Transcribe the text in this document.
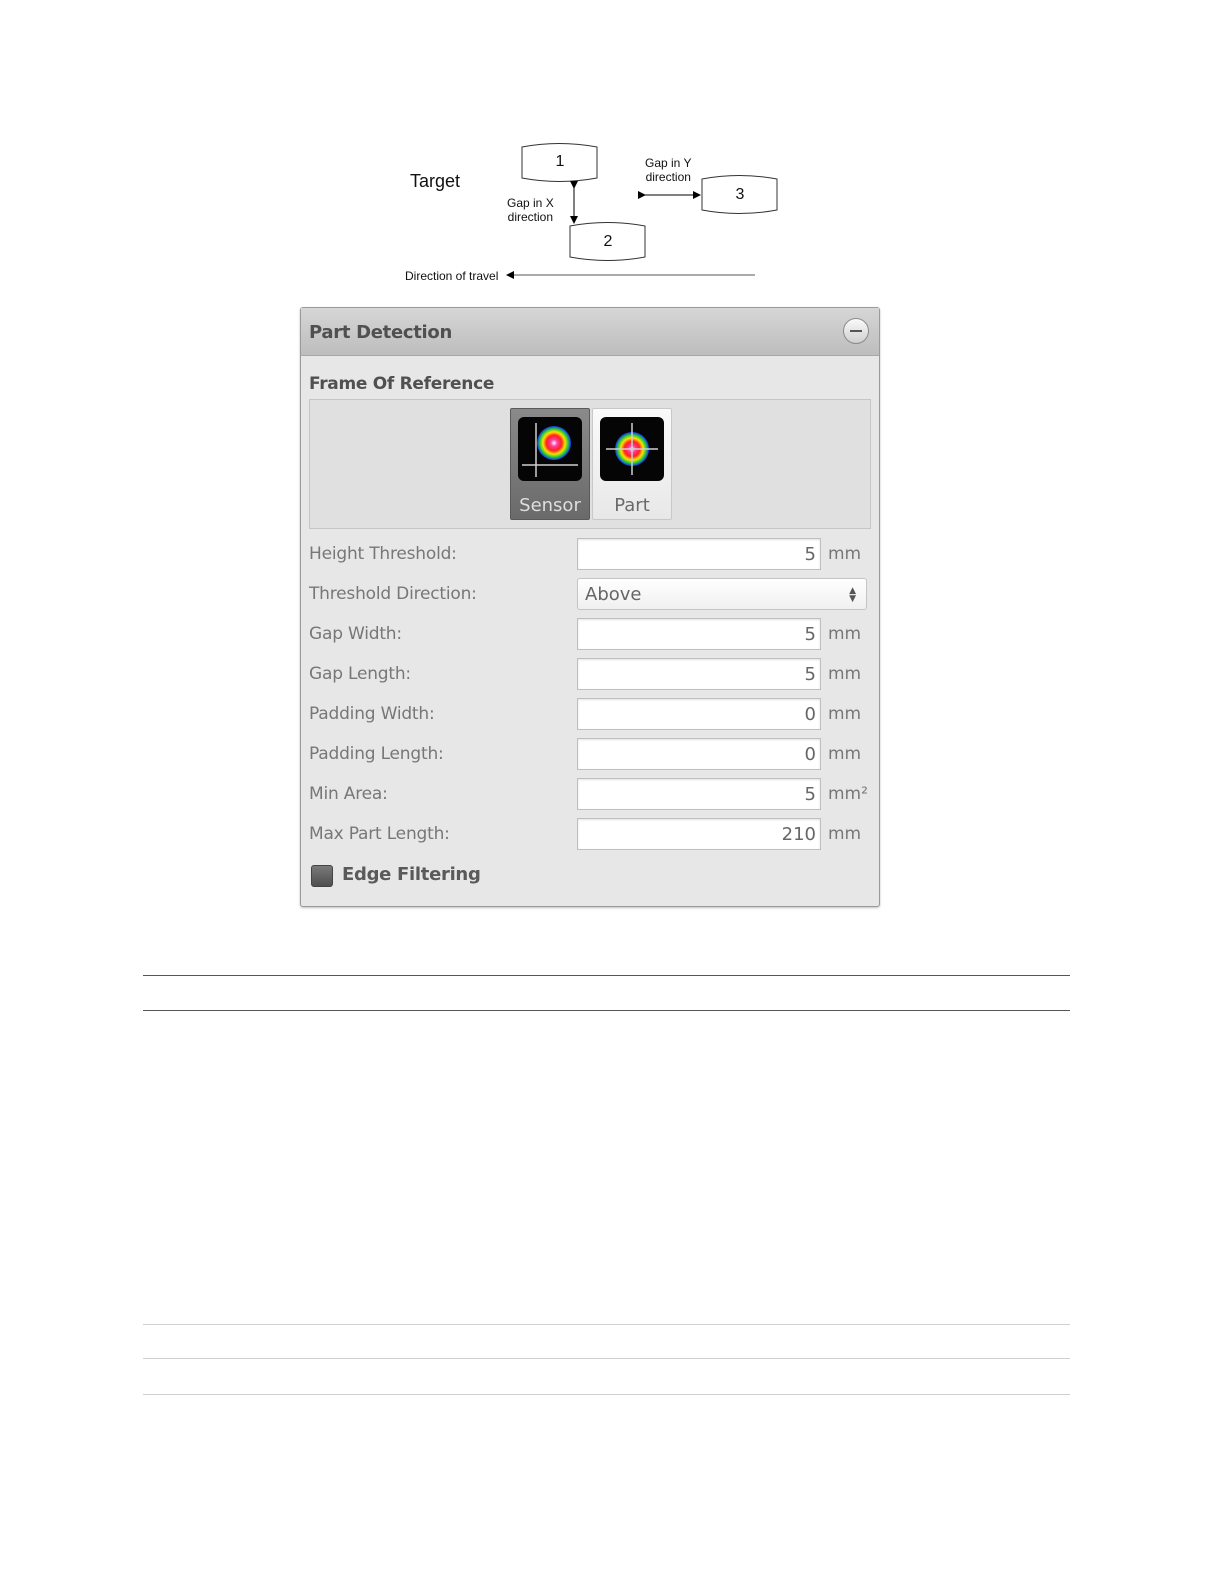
Target
1
2
3
Gap in X
direction
Gap in Y
direction
Direction of travel
Part Detection
Frame Of Reference
Sensor	Part
Height Threshold:	5 mm
Threshold Direction:	Above	▲
▼
Gap Width:	5 mm
Gap Length:	5 mm
Padding Width:	0 mm
Padding Length:	0 mm
Min Area:	5 mm²
Max Part Length:	210 mm
Edge Filtering
